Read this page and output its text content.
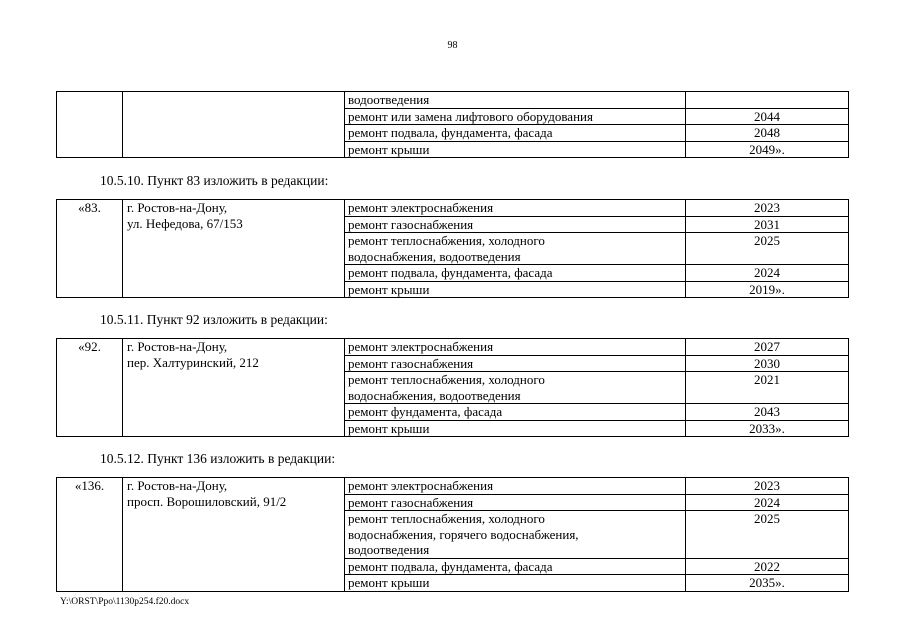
98
		водоотведения	
		ремонт или замена лифтового оборудования	2044
		ремонт подвала, фундамента, фасада	2048
		ремонт крыши	2049».
10.5.10. Пункт 83 изложить в редакции:
«83.	г. Ростов-на-Дону,
ул. Нефедова, 67/153	ремонт электроснабжения	2023
		ремонт газоснабжения	2031

		ремонт теплоснабжения, холодного
водоснабжения, водоотведения	2025
		ремонт подвала, фундамента, фасада	2024
		ремонт крыши	2019».
10.5.11. Пункт 92 изложить в редакции:
«92.	г. Ростов-на-Дону,
пер. Халтуринский, 212	ремонт электроснабжения	2027
		ремонт газоснабжения	2030

		ремонт теплоснабжения, холодного
водоснабжения, водоотведения	2021
		ремонт фундамента, фасада	2043
		ремонт крыши	2033».
10.5.12. Пункт 136 изложить в редакции:
«136.	г. Ростов-на-Дону,
просп. Ворошиловский, 91/2	ремонт электроснабжения	2023
		ремонт газоснабжения	2024

		ремонт теплоснабжения, холодного
водоснабжения, горячего водоснабжения,
водоотведения	2025
		ремонт подвала, фундамента, фасада	2022
		ремонт крыши	2035».
Y:\ORST\Ppo\1130p254.f20.docx
